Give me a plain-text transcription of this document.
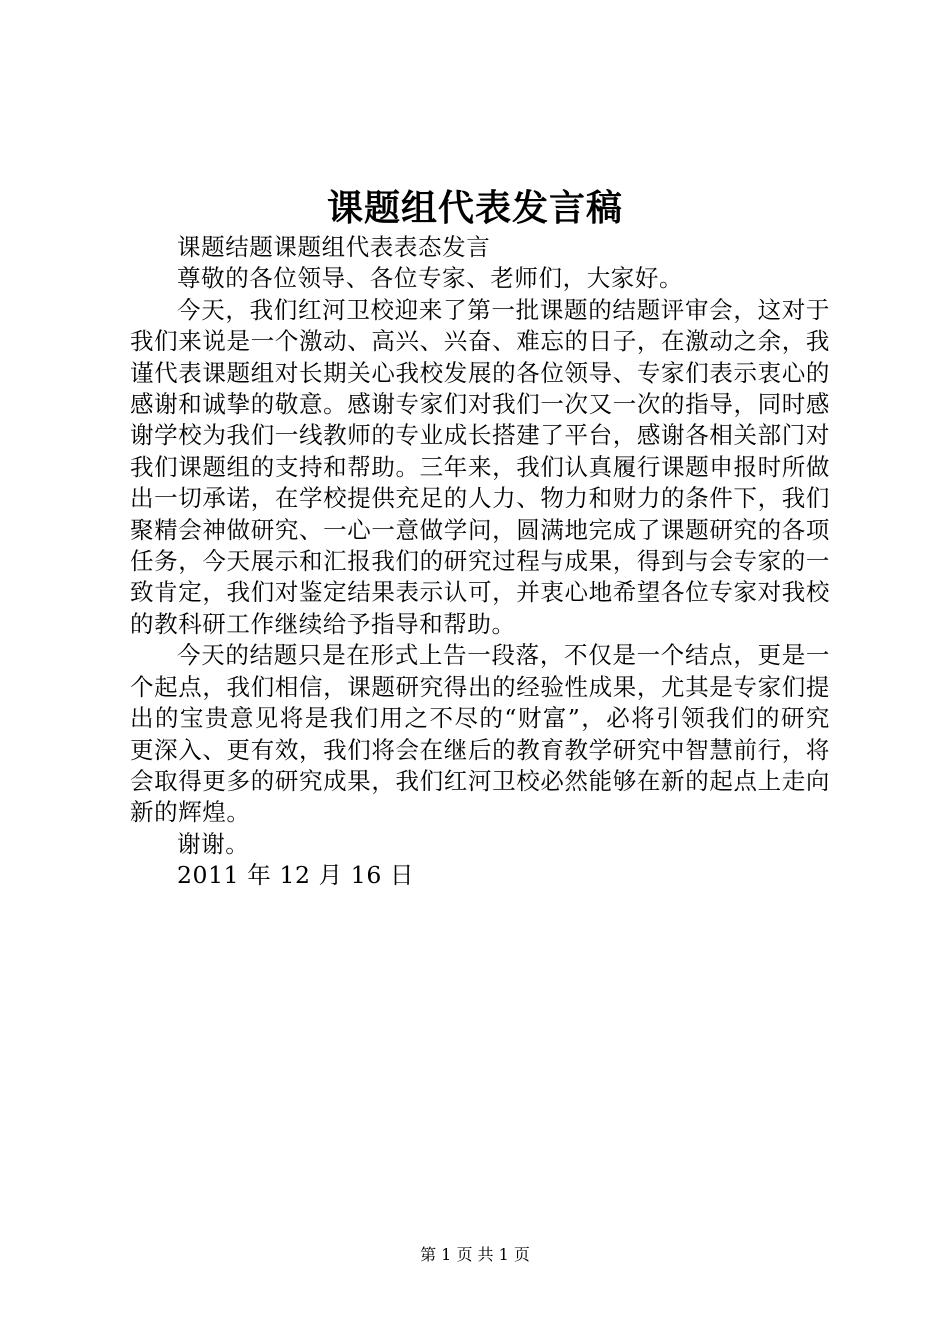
课题组代表发言稿

课题结题课题组代表表态发言

尊敬的各位领导、各位专家、老师们，大家好。

今天，我们红河卫校迎来了第一批课题的结题评审会，这对于我们来说是一个激动、高兴、兴奋、难忘的日子，在激动之余，我谨代表课题组对长期关心我校发展的各位领导、专家们表示衷心的感谢和诚挚的敬意。感谢专家们对我们一次又一次的指导，同时感谢学校为我们一线教师的专业成长搭建了平台，感谢各相关部门对我们课题组的支持和帮助。三年来，我们认真履行课题申报时所做出一切承诺，在学校提供充足的人力、物力和财力的条件下，我们聚精会神做研究、一心一意做学问，圆满地完成了课题研究的各项任务，今天展示和汇报我们的研究过程与成果，得到与会专家的一致肯定，我们对鉴定结果表示认可，并衷心地希望各位专家对我校的教科研工作继续给予指导和帮助。

今天的结题只是在形式上告一段落，不仅是一个结点，更是一个起点，我们相信，课题研究得出的经验性成果，尤其是专家们提出的宝贵意见将是我们用之不尽的“财富”，必将引领我们的研究更深入、更有效，我们将会在继后的教育教学研究中智慧前行，将会取得更多的研究成果，我们红河卫校必然能够在新的起点上走向新的辉煌。

谢谢。

2011 年 12 月 16 日

第 1 页 共 1 页
